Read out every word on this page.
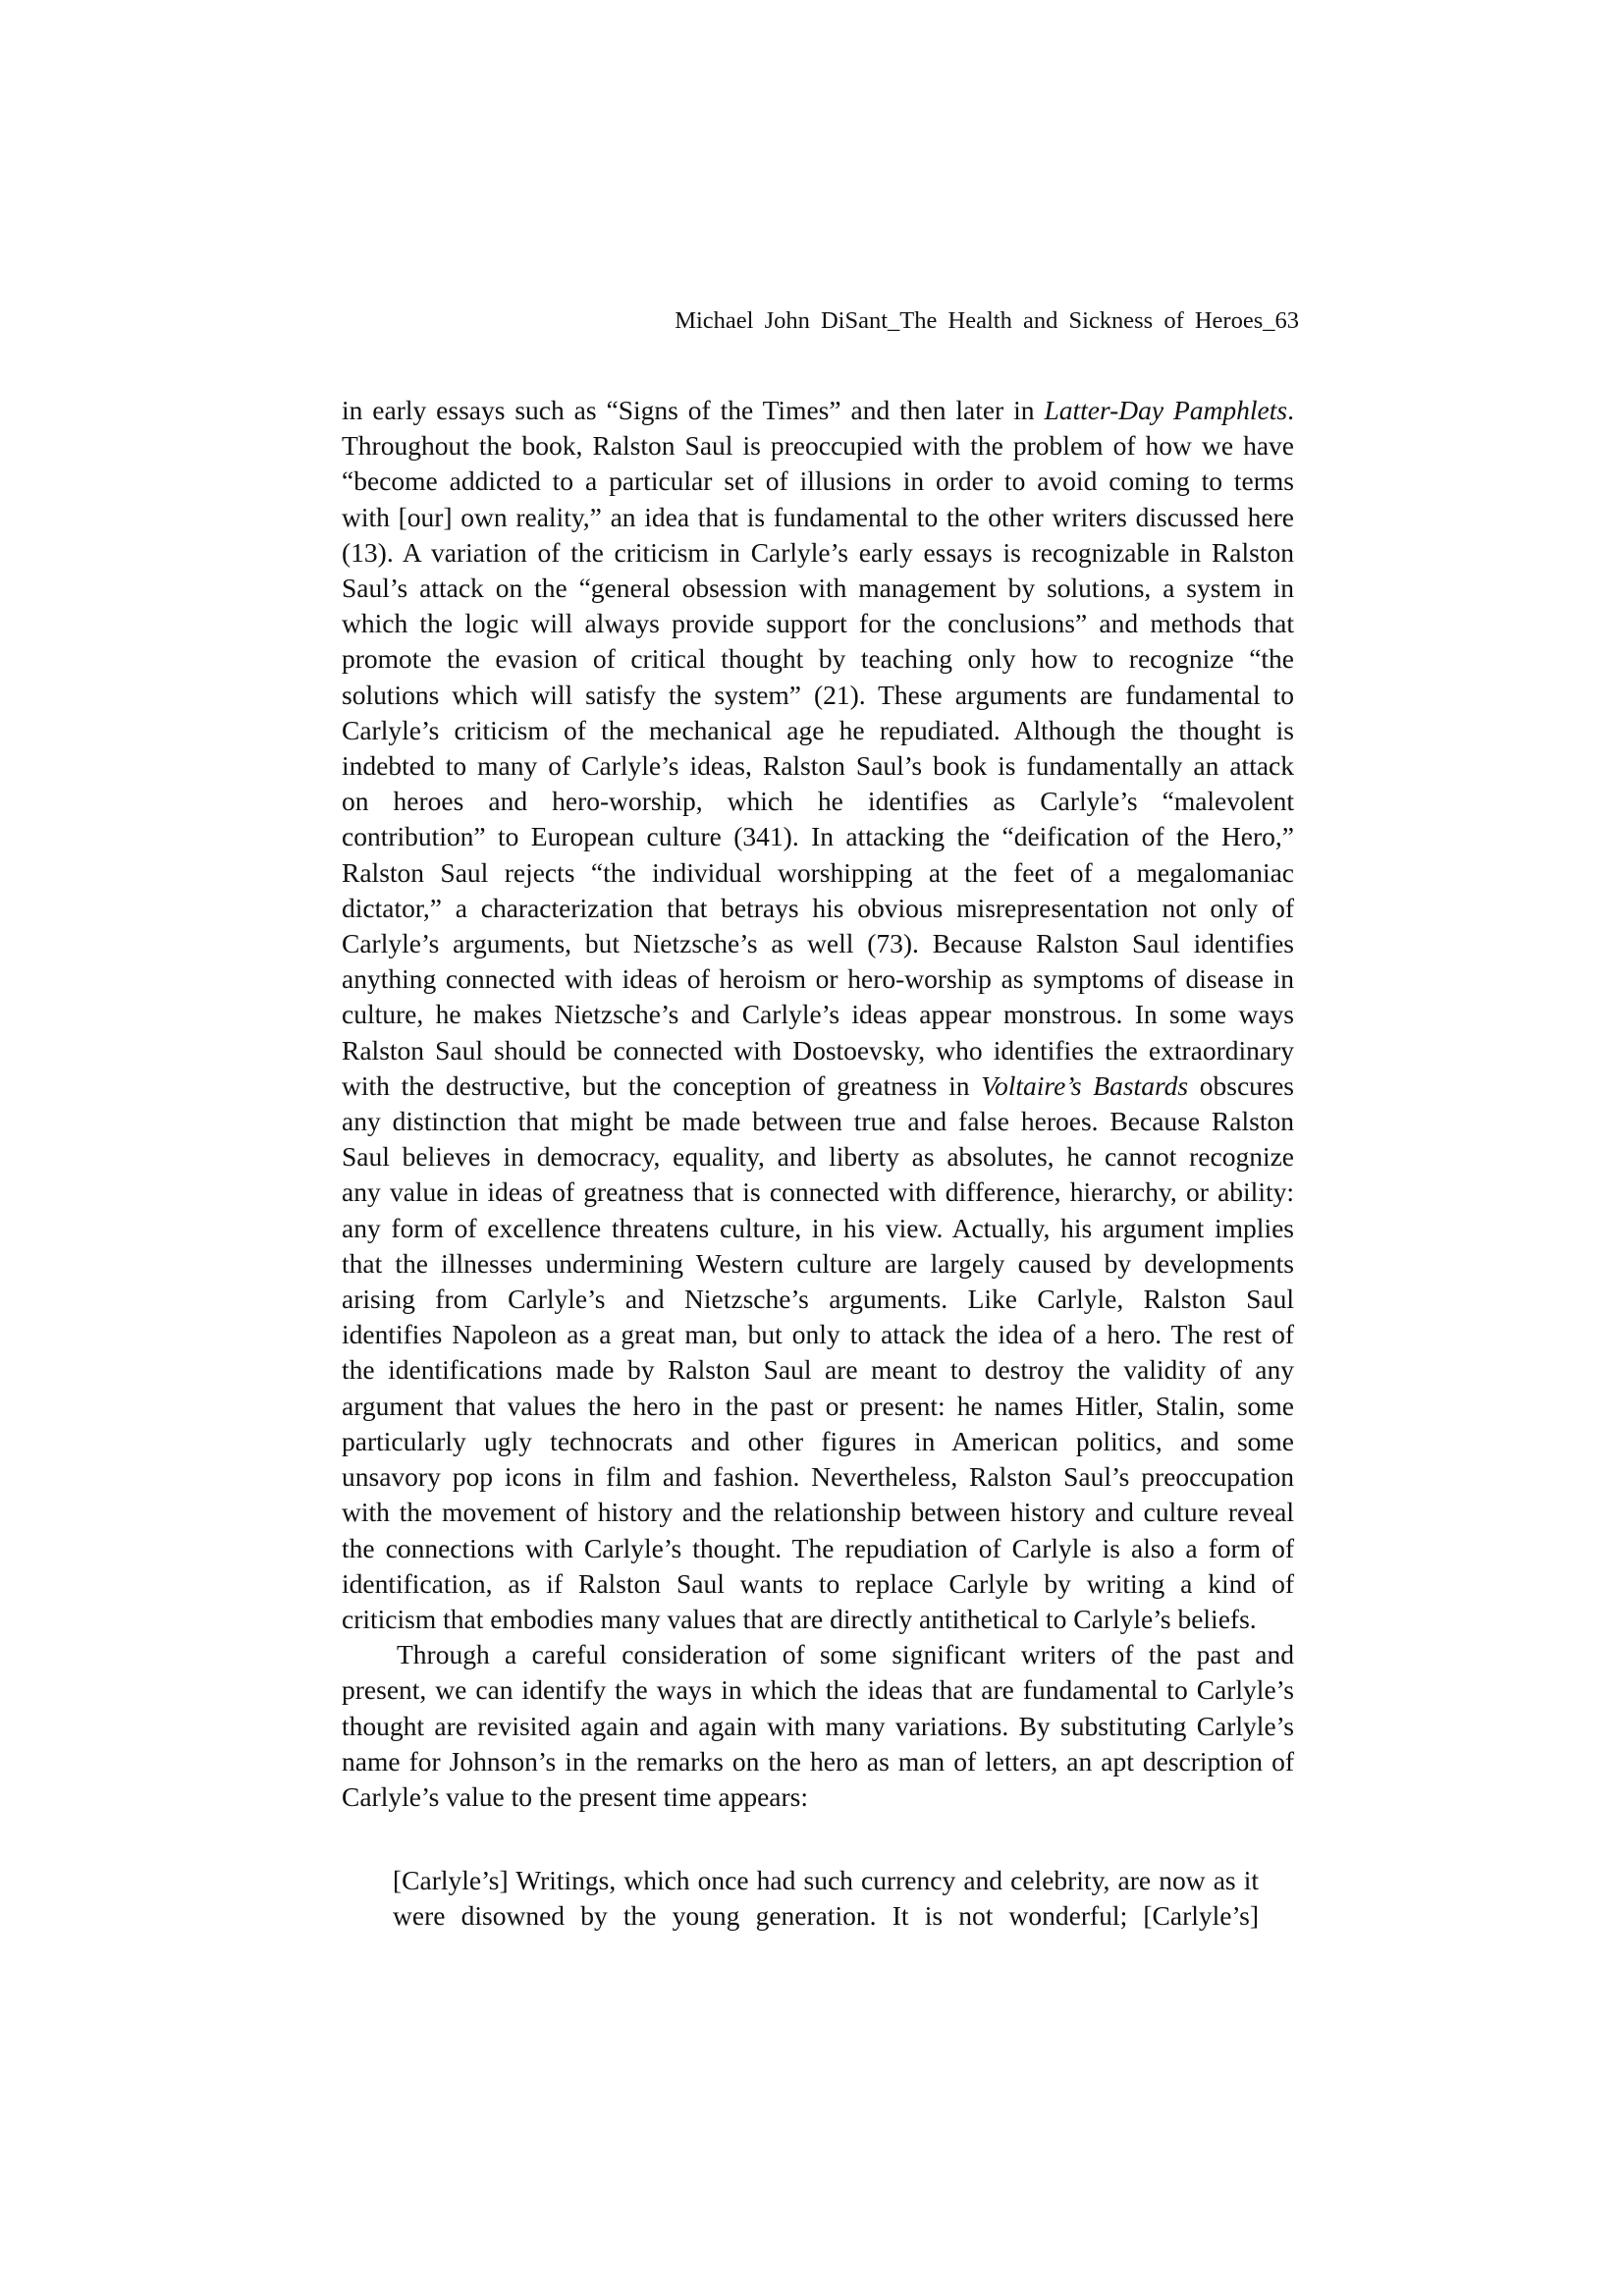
Michael John DiSant_The Health and Sickness of Heroes_63

in early essays such as “Signs of the Times” and then later in Latter-Day Pamphlets.
Throughout the book, Ralston Saul is preoccupied with the problem of how we have
“become addicted to a particular set of illusions in order to avoid coming to terms
with [our] own reality,” an idea that is fundamental to the other writers discussed here
(13). A variation of the criticism in Carlyle’s early essays is recognizable in Ralston
Saul’s attack on the “general obsession with management by solutions, a system in
which the logic will always provide support for the conclusions” and methods that
promote the evasion of critical thought by teaching only how to recognize “the
solutions which will satisfy the system” (21). These arguments are fundamental to
Carlyle’s criticism of the mechanical age he repudiated. Although the thought is
indebted to many of Carlyle’s ideas, Ralston Saul’s book is fundamentally an attack
on heroes and hero-worship, which he identifies as Carlyle’s “malevolent
contribution” to European culture (341). In attacking the “deification of the Hero,”
Ralston Saul rejects “the individual worshipping at the feet of a megalomaniac
dictator,” a characterization that betrays his obvious misrepresentation not only of
Carlyle’s arguments, but Nietzsche’s as well (73). Because Ralston Saul identifies
anything connected with ideas of heroism or hero-worship as symptoms of disease in
culture, he makes Nietzsche’s and Carlyle’s ideas appear monstrous. In some ways
Ralston Saul should be connected with Dostoevsky, who identifies the extraordinary
with the destructive, but the conception of greatness in Voltaire’s Bastards obscures
any distinction that might be made between true and false heroes. Because Ralston
Saul believes in democracy, equality, and liberty as absolutes, he cannot recognize
any value in ideas of greatness that is connected with difference, hierarchy, or ability:
any form of excellence threatens culture, in his view. Actually, his argument implies
that the illnesses undermining Western culture are largely caused by developments
arising from Carlyle’s and Nietzsche’s arguments. Like Carlyle, Ralston Saul
identifies Napoleon as a great man, but only to attack the idea of a hero. The rest of
the identifications made by Ralston Saul are meant to destroy the validity of any
argument that values the hero in the past or present: he names Hitler, Stalin, some
particularly ugly technocrats and other figures in American politics, and some
unsavory pop icons in film and fashion. Nevertheless, Ralston Saul’s preoccupation
with the movement of history and the relationship between history and culture reveal
the connections with Carlyle’s thought. The repudiation of Carlyle is also a form of
identification, as if Ralston Saul wants to replace Carlyle by writing a kind of
criticism that embodies many values that are directly antithetical to Carlyle’s beliefs.

Through a careful consideration of some significant writers of the past and
present, we can identify the ways in which the ideas that are fundamental to Carlyle’s
thought are revisited again and again with many variations. By substituting Carlyle’s
name for Johnson’s in the remarks on the hero as man of letters, an apt description of
Carlyle’s value to the present time appears:

[Carlyle’s] Writings, which once had such currency and celebrity, are now as it
were disowned by the young generation. It is not wonderful; [Carlyle’s]
